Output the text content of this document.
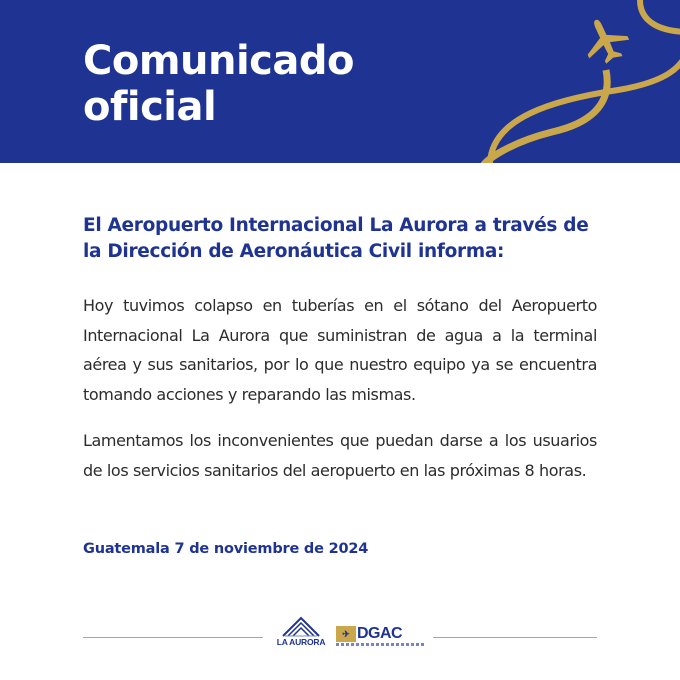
Comunicado
oficial

El Aeropuerto Internacional La Aurora a través de la Dirección de Aeronáutica Civil informa:

Hoy tuvimos colapso en tuberías en el sótano del Aeropuerto Internacional La Aurora que suministran de agua a la terminal aérea y sus sanitarios, por lo que nuestro equipo ya se encuentra tomando acciones y reparando las mismas.

Lamentamos los inconvenientes que puedan darse a los usuarios de los servicios sanitarios del aeropuerto en las próximas 8 horas.

Guatemala 7 de noviembre de 2024

LA AURORA
✈ DGAC
